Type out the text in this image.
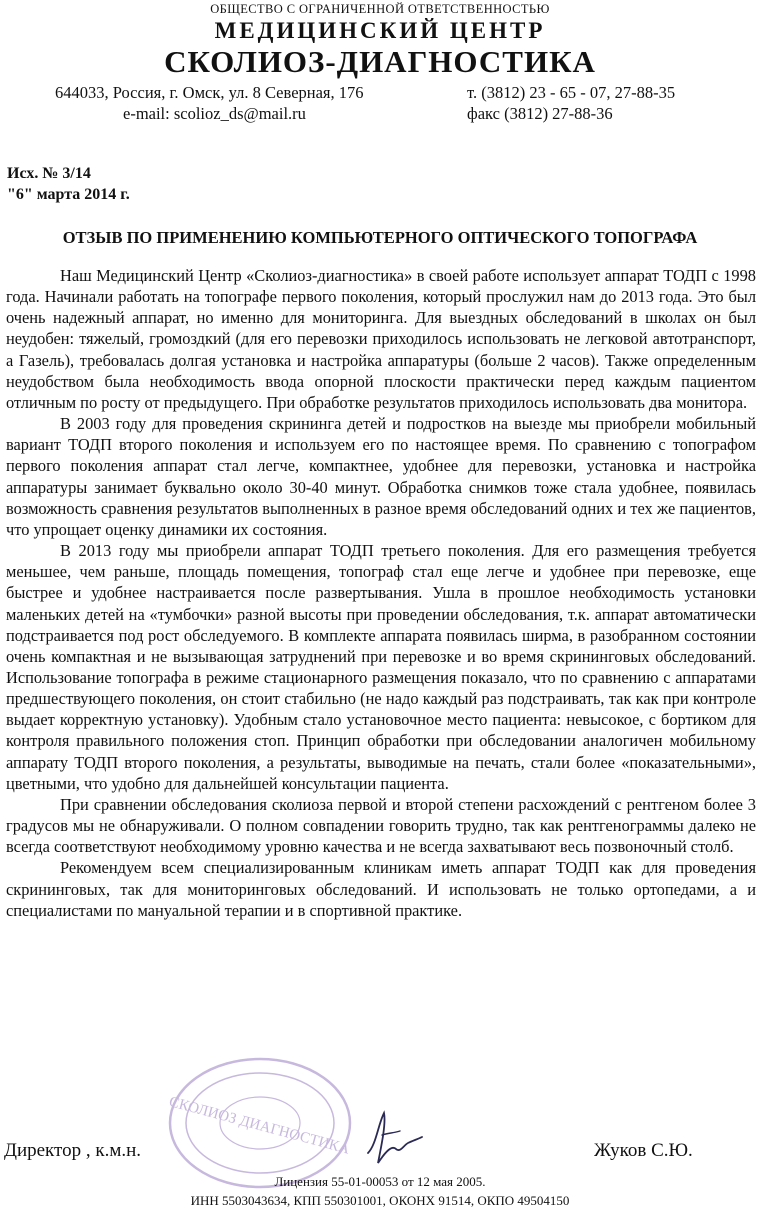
ОБЩЕСТВО С ОГРАНИЧЕННОЙ ОТВЕТСТВЕННОСТЬЮ
МЕДИЦИНСКИЙ ЦЕНТР
СКОЛИОЗ-ДИАГНОСТИКА
644033, Россия, г. Омск, ул. 8 Северная, 176	т. (3812) 23 - 65 - 07, 27-88-35
e-mail: scolioz_ds@mail.ru	факс (3812) 27-88-36
Исх. № 3/14
"6" марта 2014 г.
ОТЗЫВ ПО ПРИМЕНЕНИЮ КОМПЬЮТЕРНОГО ОПТИЧЕСКОГО ТОПОГРАФА

Наш Медицинский Центр «Сколиоз-диагностика» в своей работе использует аппарат ТОДП с 1998 года. Начинали работать на топографе первого поколения, который прослужил нам до 2013 года. Это был очень надежный аппарат, но именно для мониторинга. Для выездных обследований в школах он был неудобен: тяжелый, громоздкий (для его перевозки приходилось использовать не легковой автотранспорт, а Газель), требовалась долгая установка и настройка аппаратуры (больше 2 часов). Также определенным неудобством была необходимость ввода опорной плоскости практически перед каждым пациентом отличным по росту от предыдущего. При обработке результатов приходилось использовать два монитора.

В 2003 году для проведения скрининга детей и подростков на выезде мы приобрели мобильный вариант ТОДП второго поколения и используем его по настоящее время. По сравнению с топографом первого поколения аппарат стал легче, компактнее, удобнее для перевозки, установка и настройка аппаратуры занимает буквально около 30-40 минут. Обработка снимков тоже стала удобнее, появилась возможность сравнения результатов выполненных в разное время обследований одних и тех же пациентов, что упрощает оценку динамики их состояния.

В 2013 году мы приобрели аппарат ТОДП третьего поколения. Для его размещения требуется меньшее, чем раньше, площадь помещения, топограф стал еще легче и удобнее при перевозке, еще быстрее и удобнее настраивается после развертывания. Ушла в прошлое необходимость установки маленьких детей на «тумбочки» разной высоты при проведении обследования, т.к. аппарат автоматически подстраивается под рост обследуемого. В комплекте аппарата появилась ширма, в разобранном состоянии очень компактная и не вызывающая затруднений при перевозке и во время скрининговых обследований. Использование топографа в режиме стационарного размещения показало, что по сравнению с аппаратами предшествующего поколения, он стоит стабильно (не надо каждый раз подстраивать, так как при контроле выдает корректную установку). Удобным стало установочное место пациента: невысокое, с бортиком для контроля правильного положения стоп. Принцип обработки при обследовании аналогичен мобильному аппарату ТОДП второго поколения, а результаты, выводимые на печать, стали более «показательными», цветными, что удобно для дальнейшей консультации пациента.

При сравнении обследования сколиоза первой и второй степени расхождений с рентгеном более 3 градусов мы не обнаруживали. О полном совпадении говорить трудно, так как рентгенограммы далеко не всегда соответствуют необходимому уровню качества и не всегда захватывают весь позвоночный столб.

Рекомендуем всем специализированным клиникам иметь аппарат ТОДП как для проведения скрининговых, так для мониторинговых обследований. И использовать не только ортопедами, а и специалистами по мануальной терапии и в спортивной практике.

СКОЛИОЗ ДИАГНОСТИКА
Директор , к.м.н.	Жуков С.Ю.
Лицензия 55-01-00053 от 12 мая 2005.
ИНН 5503043634, КПП 550301001, ОКОНХ 91514, ОКПО 49504150
